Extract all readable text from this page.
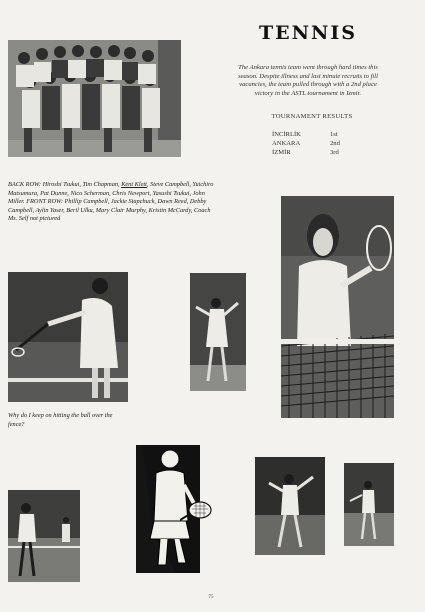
TENNIS
The Ankara tennis team went through hard times this season. Despite illness and last minute recruits to fill vacancies, the team pulled through with a 2nd place victory in the ASTL tournament in Izmir.
TOURNAMENT RESULTS
İNCİRLİK	1st
ANKARA	2nd
İZMİR	3rd
BACK ROW: Hiroshi Tsukui, Tim Chapman, Kent Klett, Steve Campbell, Yuichiro Matsumura, Pat Dunne, Nico Scherman, Chris Newport, Yasushi Tsukui, John Miller. FRONT ROW: Phillip Campbell, Jackie Stapchuck, Dawn Reed, Debby Campbell, Aylin Yaser, Beril Ulku, Mary Clair Murphy, Kristin McCardy, Coach Ms. Self not pictured
Why do I keep on hitting the ball over the fence?
75
